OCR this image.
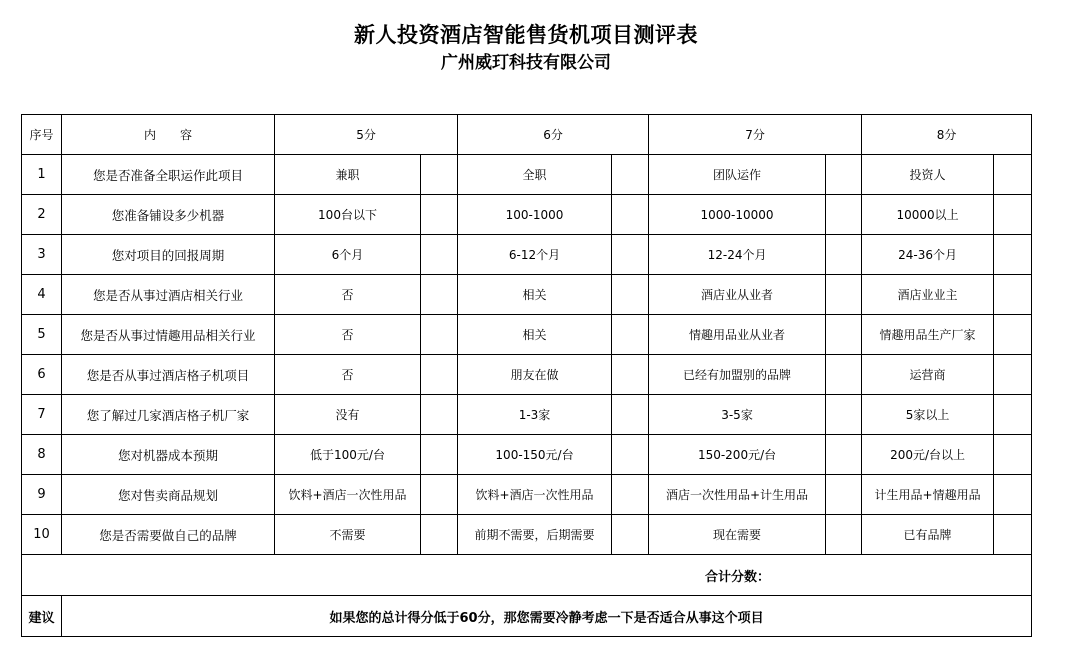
新人投资酒店智能售货机项目测评表
广州威玎科技有限公司
序号	内　　容	5分		6分		7分		8分	
1	您是否准备全职运作此项目	兼职		全职		团队运作		投资人	
2	您准备铺设多少机器	100台以下		100-1000		1000-10000		10000以上	
3	您对项目的回报周期	6个月		6-12个月		12-24个月		24-36个月	
4	您是否从事过酒店相关行业	否		相关		酒店业从业者		酒店业业主	
5	您是否从事过情趣用品相关行业	否		相关		情趣用品业从业者		情趣用品生产厂家	
6	您是否从事过酒店格子机项目	否		朋友在做		已经有加盟别的品牌		运营商	
7	您了解过几家酒店格子机厂家	没有		1-3家		3-5家		5家以上	
8	您对机器成本预期	低于100元/台		100-150元/台		150-200元/台		200元/台以上	
9	您对售卖商品规划	饮料+酒店一次性用品		饮料+酒店一次性用品		酒店一次性用品+计生用品		计生用品+情趣用品	
10	您是否需要做自己的品牌	不需要		前期不需要，后期需要		现在需要		已有品牌	
合计分数：									
建议	如果您的总计得分低于60分，那您需要冷静考虑一下是否适合从事这个项目								
